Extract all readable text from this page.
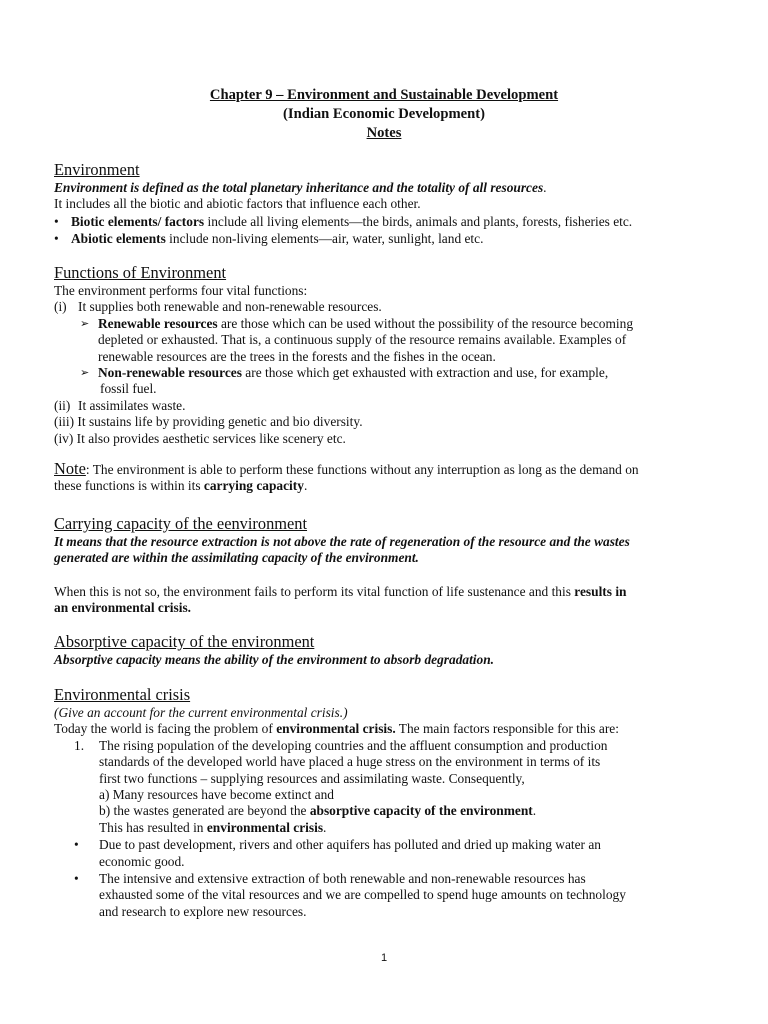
Chapter 9 – Environment and Sustainable Development
(Indian Economic Development)
Notes
Environment

Environment is defined as the total planetary inheritance and the totality of all resources.

It includes all the biotic and abiotic factors that influence each other.

• Biotic elements/ factors include all living elements—the birds, animals and plants, forests, fisheries etc.
• Abiotic elements include non-living elements—air, water, sunlight, land etc.
Functions of Environment

The environment performs four vital functions:

(i) It supplies both renewable and non-renewable resources.
➢ Renewable resources are those which can be used without the possibility of the resource becoming
depleted or exhausted. That is, a continuous supply of the resource remains available. Examples of
renewable resources are the trees in the forests and the fishes in the ocean.
➢ Non-renewable resources are those which get exhausted with extraction and use, for example,
fossil fuel.
(ii) It assimilates waste.

(iii) It sustains life by providing genetic and bio diversity.

(iv) It also provides aesthetic services like scenery etc.

Note: The environment is able to perform these functions without any interruption as long as the demand on
these functions is within its carrying capacity.

Carrying capacity of the eenvironment

It means that the resource extraction is not above the rate of regeneration of the resource and the wastes
generated are within the assimilating capacity of the environment.

When this is not so, the environment fails to perform its vital function of life sustenance and this results in
an environmental crisis.

Absorptive capacity of the environment

Absorptive capacity means the ability of the environment to absorb degradation.

Environmental crisis

(Give an account for the current environmental crisis.)

Today the world is facing the problem of environmental crisis. The main factors responsible for this are:

1.	The rising population of the developing countries and the affluent consumption and production
standards of the developed world have placed a huge stress on the environment in terms of its
first two functions – supplying resources and assimilating waste. Consequently,
a) Many resources have become extinct and
b) the wastes generated are beyond the absorptive capacity of the environment.
This has resulted in environmental crisis.
•	Due to past development, rivers and other aquifers has polluted and dried up making water an
economic good.
•	The intensive and extensive extraction of both renewable and non-renewable resources has
exhausted some of the vital resources and we are compelled to spend huge amounts on technology
and research to explore new resources.
1
